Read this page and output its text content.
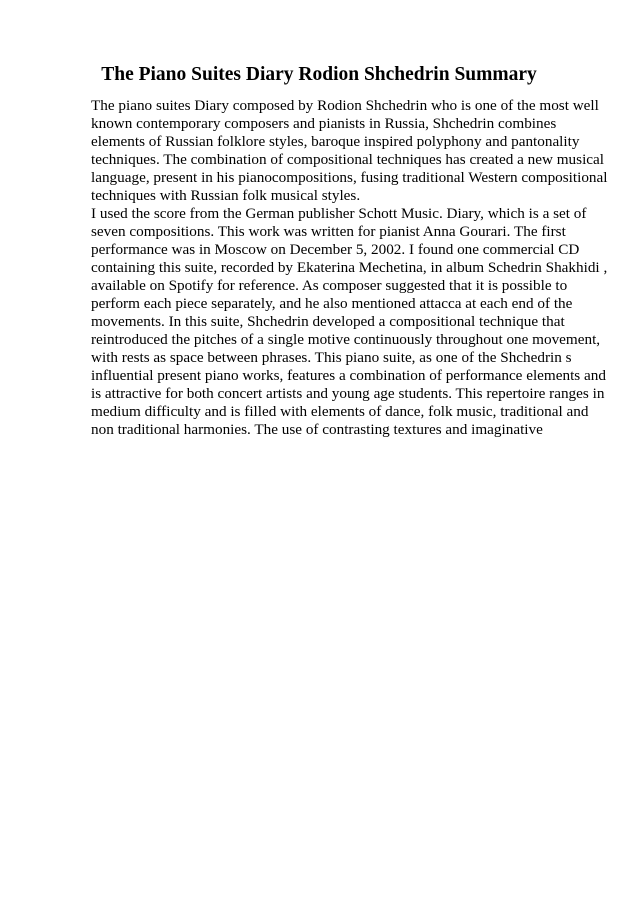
The Piano Suites Diary Rodion Shchedrin Summary
The piano suites Diary composed by Rodion Shchedrin who is one of the most well
known contemporary composers and pianists in Russia, Shchedrin combines
elements of Russian folklore styles, baroque inspired polyphony and pantonality
techniques. The combination of compositional techniques has created a new musical
language, present in his pianocompositions, fusing traditional Western compositional
techniques with Russian folk musical styles.
I used the score from the German publisher Schott Music. Diary, which is a set of
seven compositions. This work was written for pianist Anna Gourari. The first
performance was in Moscow on December 5, 2002. I found one commercial CD
containing this suite, recorded by Ekaterina Mechetina, in album Schedrin Shakhidi ,
available on Spotify for reference. As composer suggested that it is possible to
perform each piece separately, and he also mentioned attacca at each end of the
movements. In this suite, Shchedrin developed a compositional technique that
reintroduced the pitches of a single motive continuously throughout one movement,
with rests as space between phrases. This piano suite, as one of the Shchedrin s
influential present piano works, features a combination of performance elements and
is attractive for both concert artists and young age students. This repertoire ranges in
medium difficulty and is filled with elements of dance, folk music, traditional and
non traditional harmonies. The use of contrasting textures and imaginative
